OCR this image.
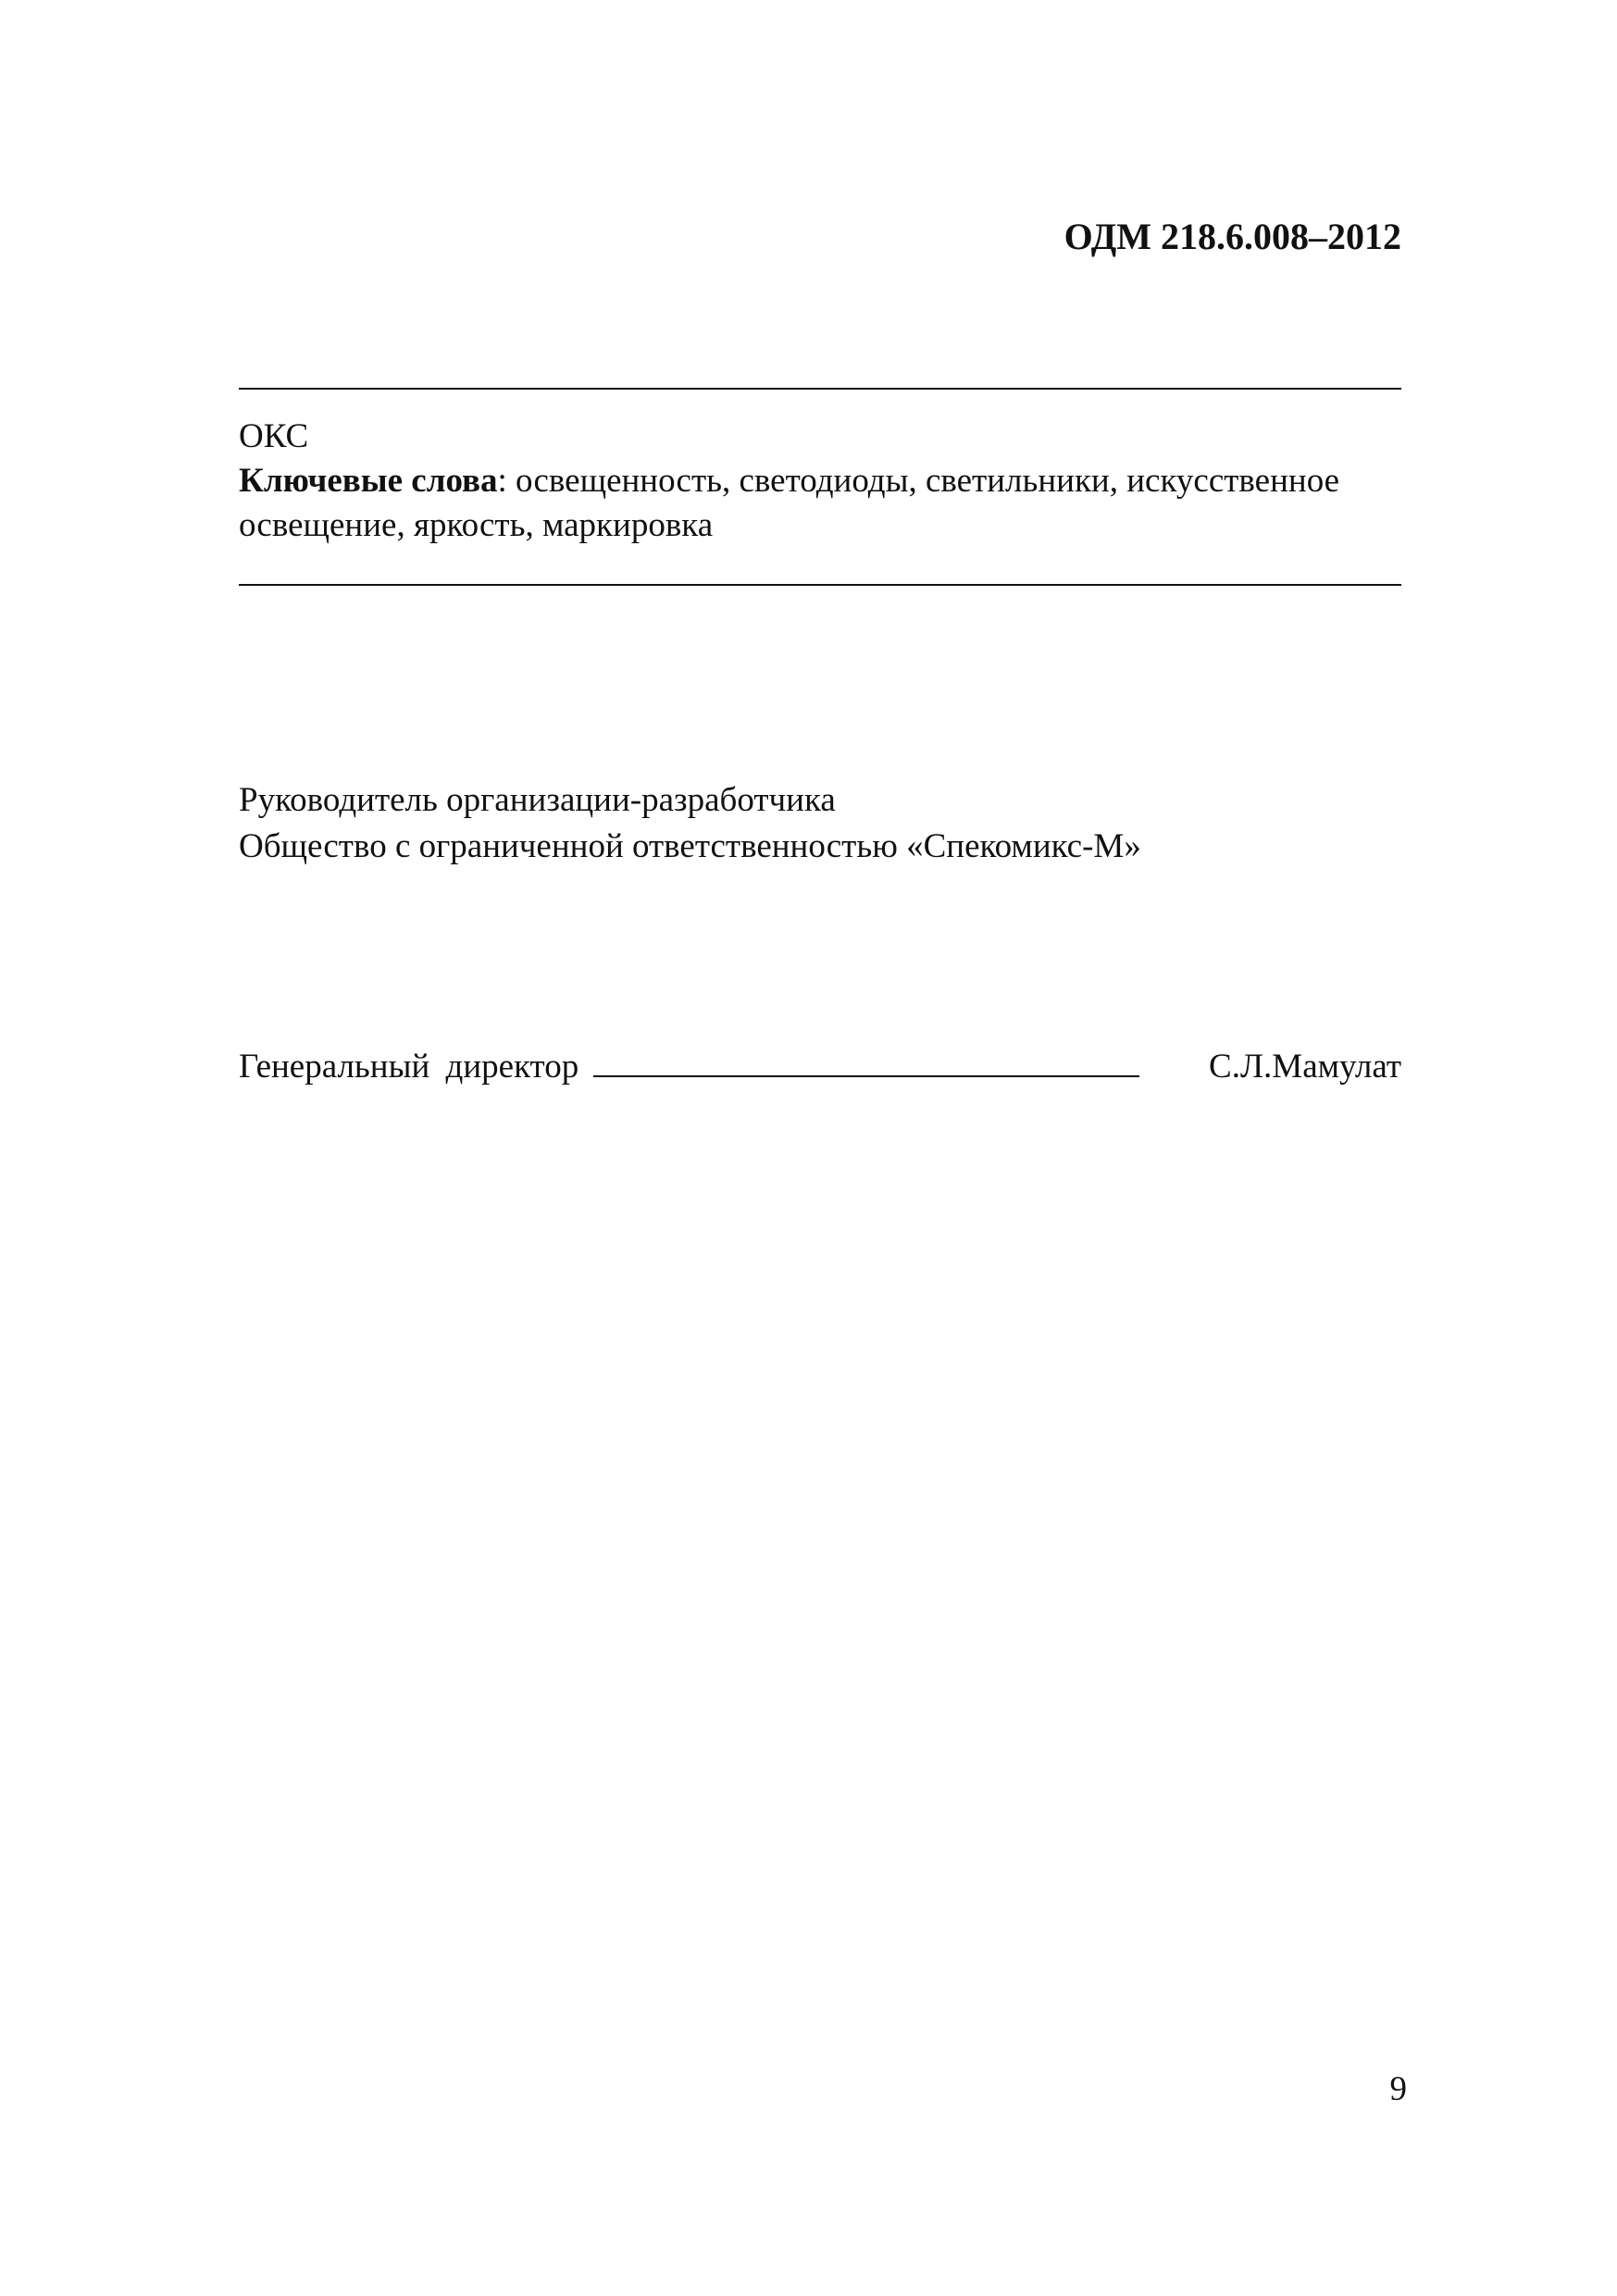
ОДМ 218.6.008–2012
ОКС
Ключевые слова: освещенность, светодиоды, светильники, искусственное
освещение, яркость, маркировка
Руководитель организации-разработчика
Общество с ограниченной ответственностью «Спекомикс-М»
Генеральный директор	С.Л.Мамулат
9
